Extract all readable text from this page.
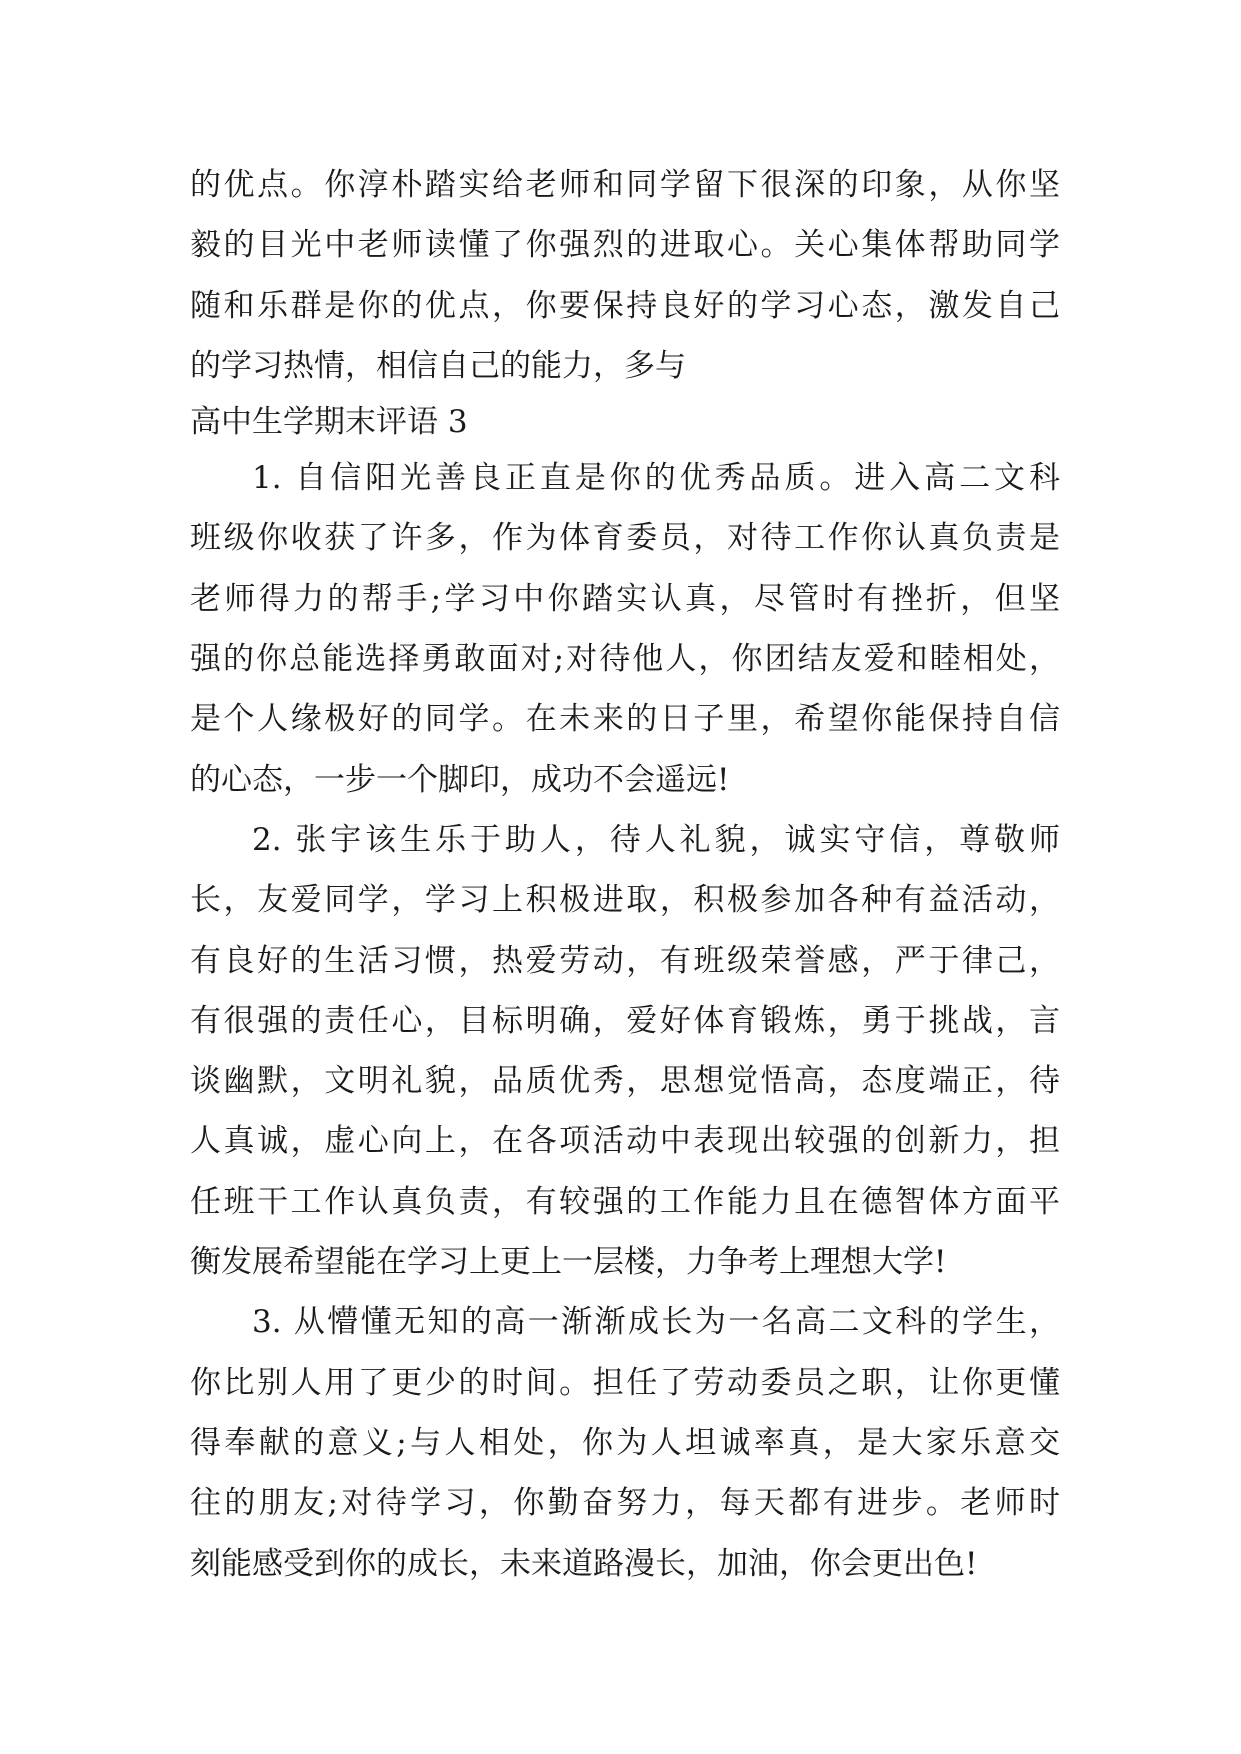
的优点。你淳朴踏实给老师和同学留下很深的印象，从你坚
毅的目光中老师读懂了你强烈的进取心。关心集体帮助同学
随和乐群是你的优点，你要保持良好的学习心态，激发自己
的学习热情，相信自己的能力，多与
高中生学期末评语 3
1. 自信阳光善良正直是你的优秀品质。进入高二文科
班级你收获了许多，作为体育委员，对待工作你认真负责是
老师得力的帮手;学习中你踏实认真，尽管时有挫折，但坚
强的你总能选择勇敢面对;对待他人，你团结友爱和睦相处，
是个人缘极好的同学。在未来的日子里，希望你能保持自信
的心态，一步一个脚印，成功不会遥远!
2. 张宇该生乐于助人，待人礼貌，诚实守信，尊敬师
长，友爱同学，学习上积极进取，积极参加各种有益活动，
有良好的生活习惯，热爱劳动，有班级荣誉感，严于律己，
有很强的责任心，目标明确，爱好体育锻炼，勇于挑战，言
谈幽默，文明礼貌，品质优秀，思想觉悟高，态度端正，待
人真诚，虚心向上，在各项活动中表现出较强的创新力，担
任班干工作认真负责，有较强的工作能力且在德智体方面平
衡发展希望能在学习上更上一层楼，力争考上理想大学!
3. 从懵懂无知的高一渐渐成长为一名高二文科的学生，
你比别人用了更少的时间。担任了劳动委员之职，让你更懂
得奉献的意义;与人相处，你为人坦诚率真，是大家乐意交
往的朋友;对待学习，你勤奋努力，每天都有进步。老师时
刻能感受到你的成长，未来道路漫长，加油，你会更出色!
